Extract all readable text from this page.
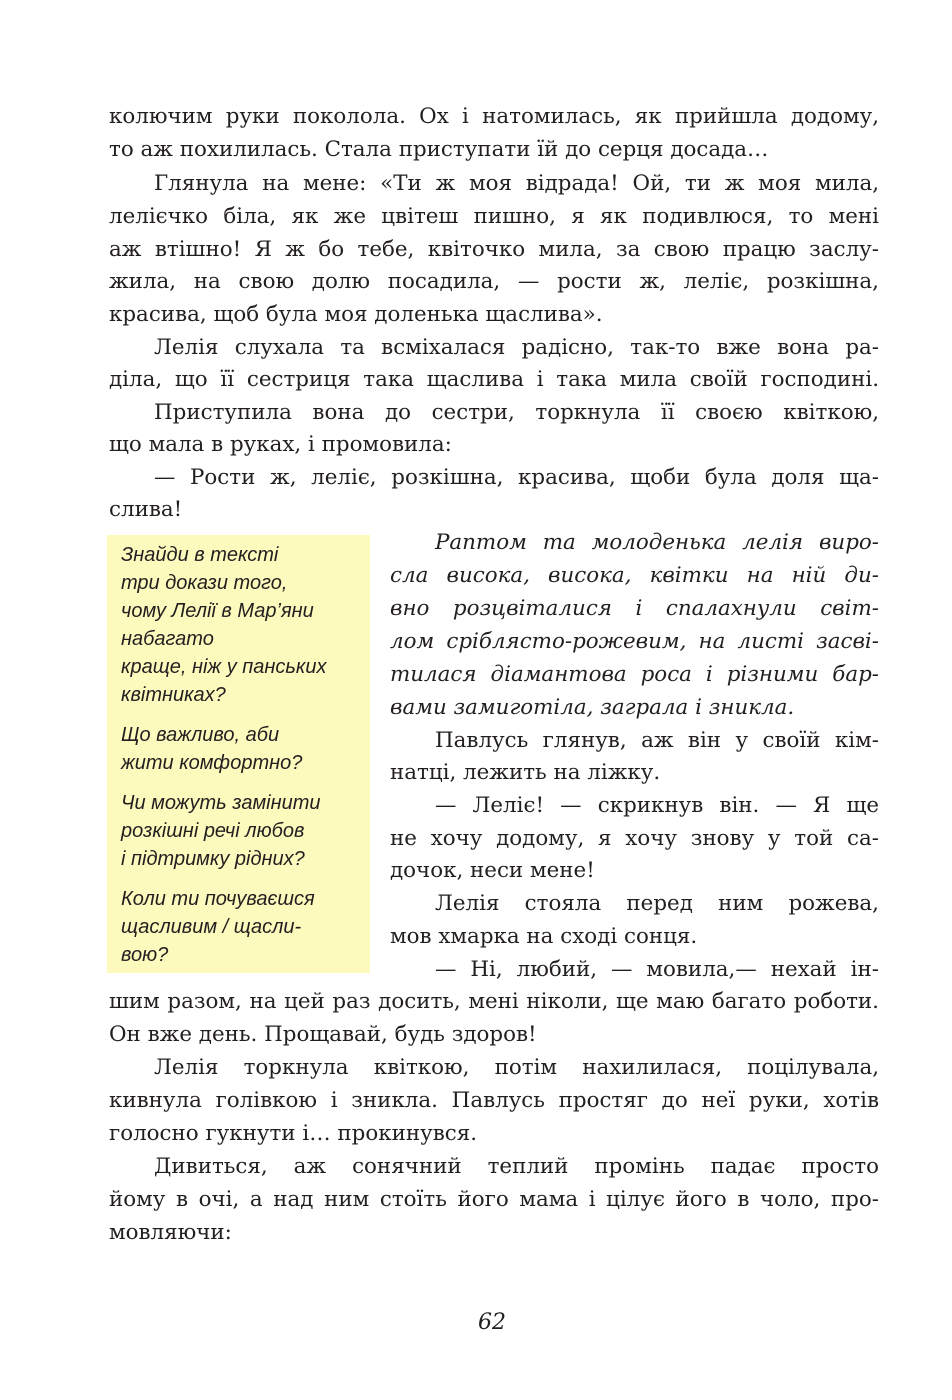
колючим руки поколола. Ох і натомилась, як прийшла додому,

то аж похилилась. Стала приступати їй до серця досада…

Глянула на мене: «Ти ж моя відрада! Ой, ти ж моя мила,

лелієчко біла, як же цвітеш пишно, я як подивлюся, то мені

аж втішно! Я ж бо тебе, квіточко мила, за свою працю заслу-

жила, на свою долю посадила, — рости ж, леліє, розкішна,

красива, щоб була моя доленька щаслива».

Лелія слухала та всміхалася радісно, так-то вже вона ра-

діла, що її сестриця така щаслива і така мила своїй господині.

Приступила вона до сестри, торкнула її своєю квіткою,

що мала в руках, і промовила:

— Рости ж, леліє, розкішна, красива, щоби була доля ща-

слива!

Знайди в тексті

три докази того,

чому Лелії в Мар’яни

набагато

краще, ніж у панських

квітниках?

Що важливо, аби

жити комфортно?

Чи можуть замінити

розкішні речі любов

і підтримку рідних?

Коли ти почуваєшся

щасливим / щасли-

вою?

Раптом та молоденька лелія виро-

сла висока, висока, квітки на ній ди-

вно розцвіталися і спалахнули світ-

лом сріблясто-рожевим, на листі засві-

тилася діамантова роса і різними бар-

вами замиготіла, заграла і зникла.

Павлусь глянув, аж він у своїй кім-

натці, лежить на ліжку.

— Леліє! — скрикнув він. — Я ще

не хочу додому, я хочу знову у той са-

дочок, неси мене!

Лелія стояла перед ним рожева,

мов хмарка на сході сонця.

— Ні, любий, — мовила,— нехай ін-

шим разом, на цей раз досить, мені ніколи, ще маю багато роботи.

Он вже день. Прощавай, будь здоров!

Лелія торкнула квіткою, потім нахилилася, поцілувала,

кивнула голівкою і зникла. Павлусь простяг до неї руки, хотів

голосно гукнути і… прокинувся.

Дивиться, аж сонячний теплий промінь падає просто

йому в очі, а над ним стоїть його мама і цілує його в чоло, про-

мовляючи:

62
